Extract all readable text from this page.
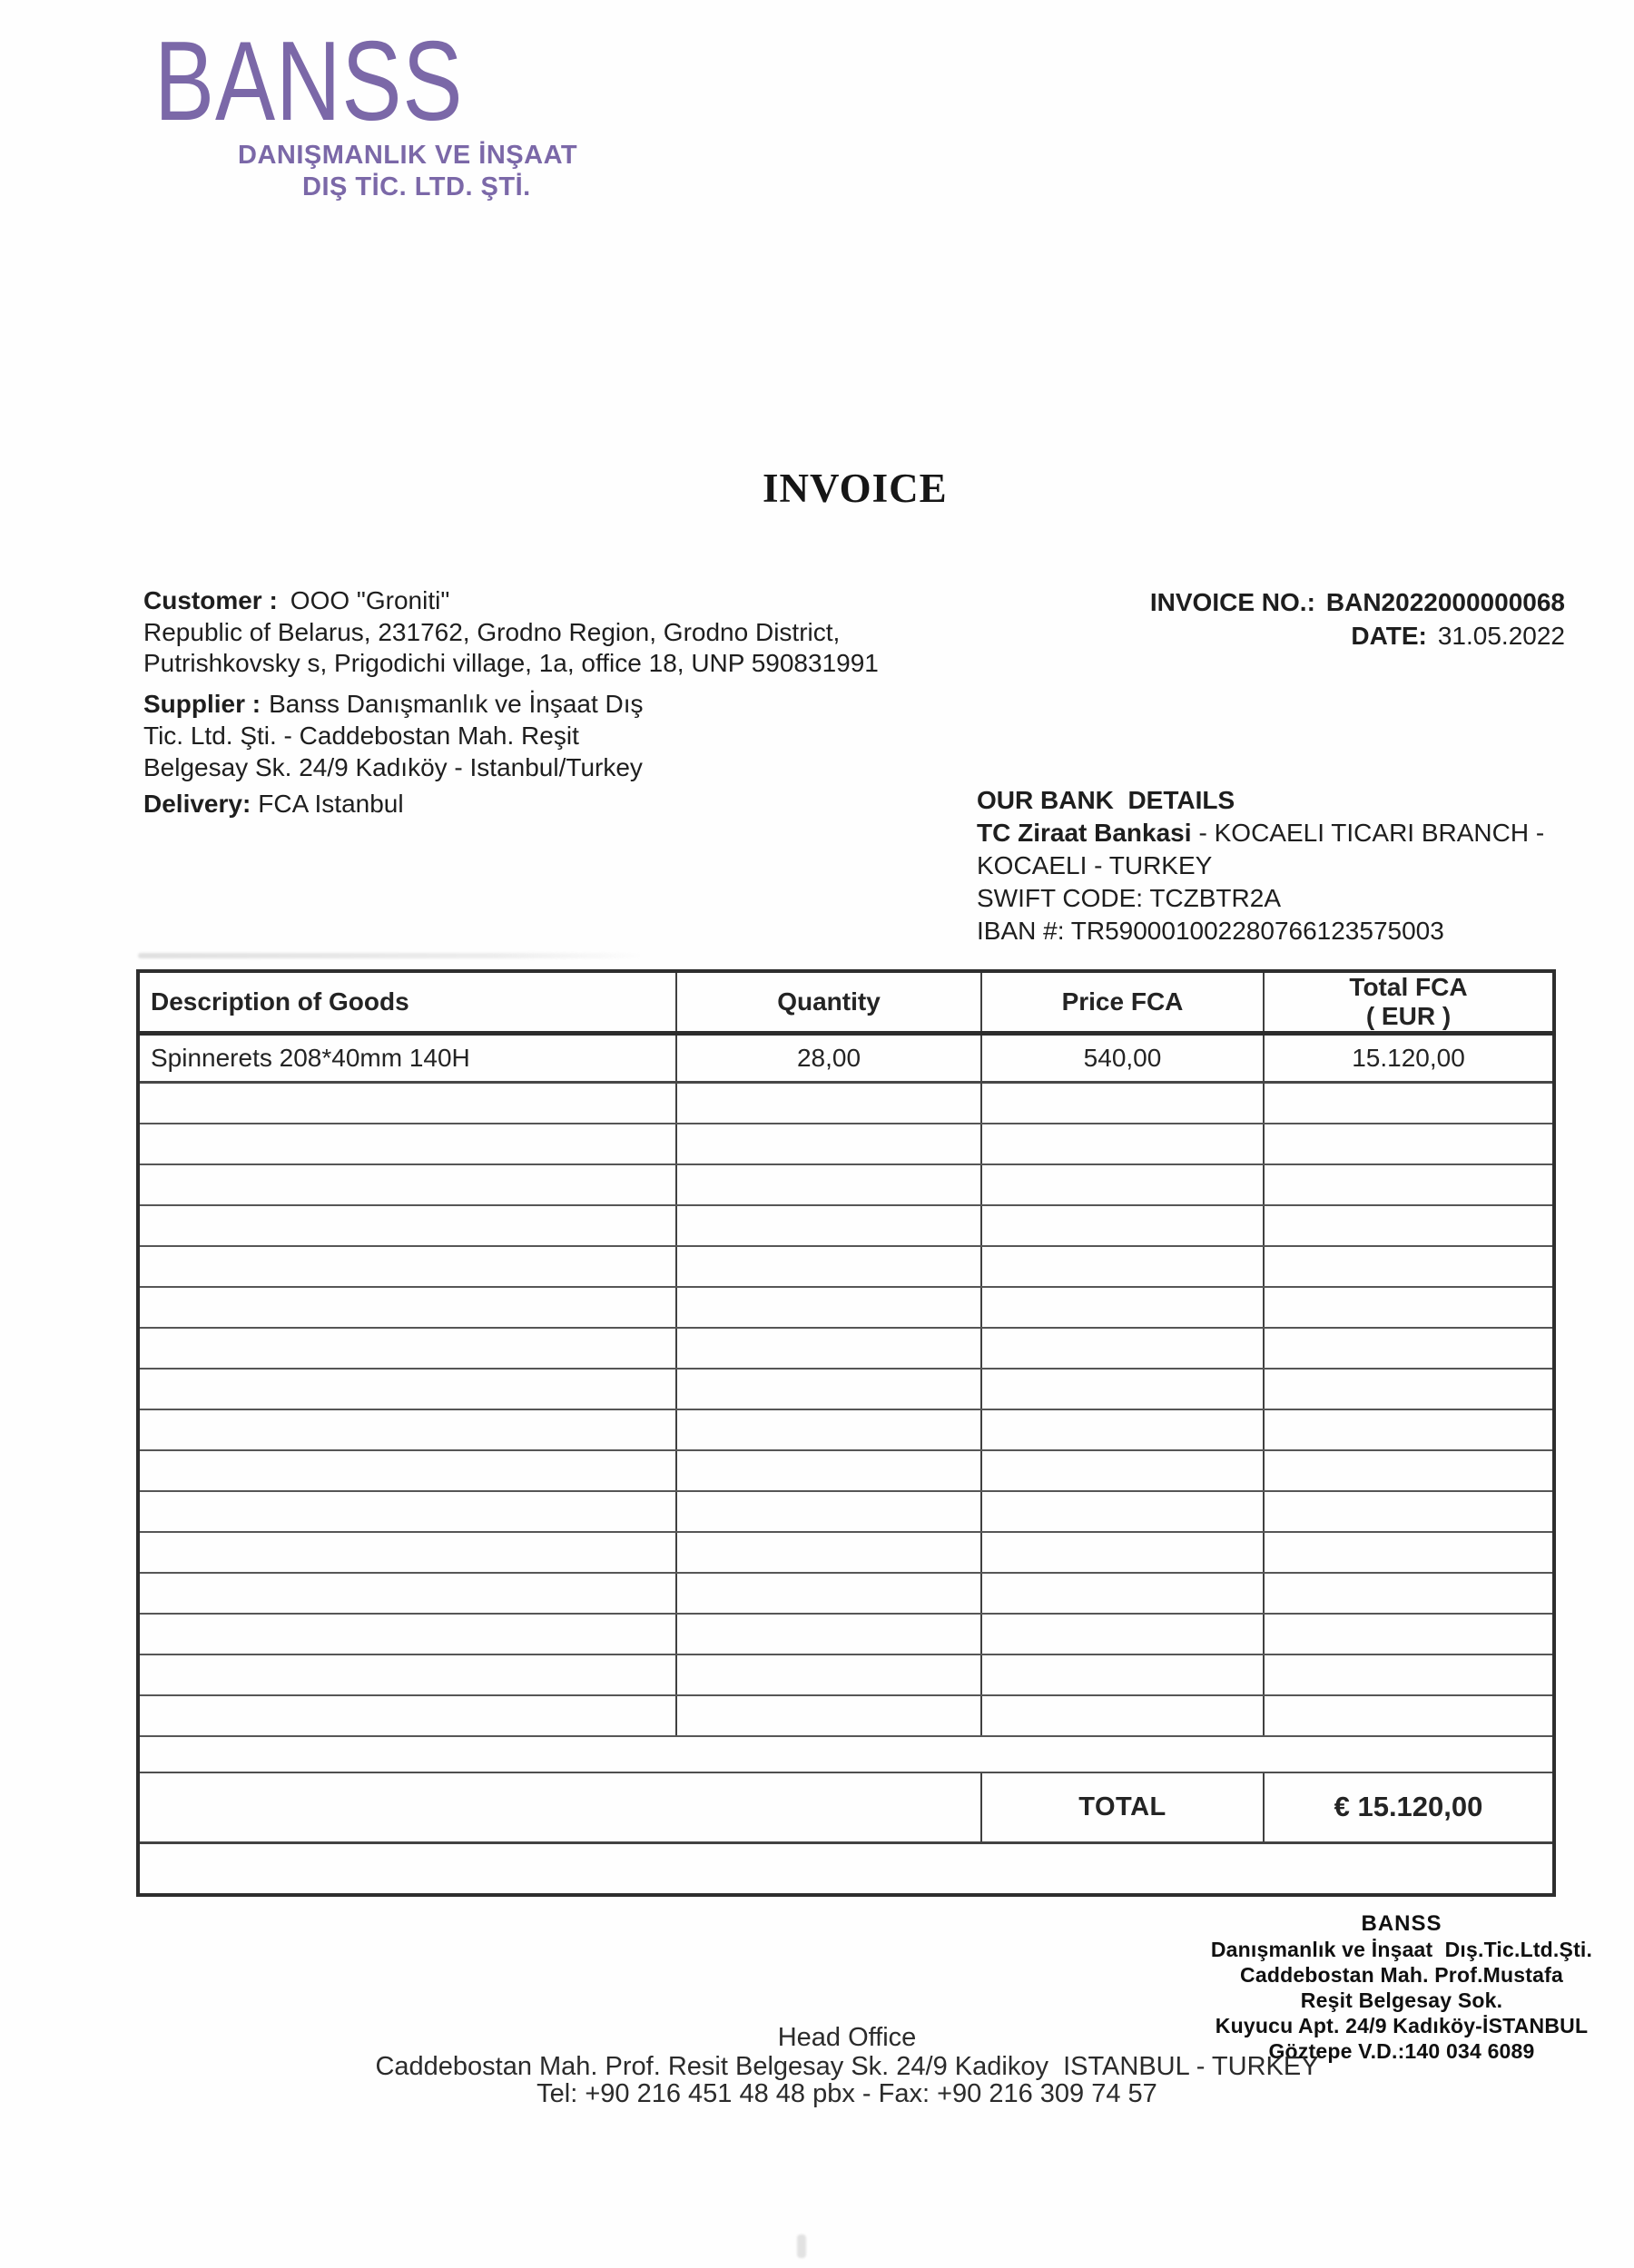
BANSS
DANIŞMANLIK VE İNŞAAT
DIŞ TİC. LTD. ŞTİ.
INVOICE
Customer : OOO "Groniti"
Republic of Belarus, 231762, Grodno Region, Grodno District,
Putrishkovsky s, Prigodichi village, 1a, office 18, UNP 590831991
INVOICE NO.: BAN2022000000068
DATE: 31.05.2022
Supplier : Banss Danışmanlık ve İnşaat Dış
Tic. Ltd. Şti. - Caddebostan Mah. Reşit
Belgesay Sk. 24/9 Kadıköy - Istanbul/Turkey
Delivery: FCA Istanbul	OUR BANK  DETAILS
TC Ziraat Bankasi - KOCAELI TICARI BRANCH -
KOCAELI - TURKEY
SWIFT CODE: TCZBTR2A
IBAN #: TR590001002280766123575003
Description of Goods	Quantity	Price FCA	Total FCA
( EUR )

Spinnerets 208*40mm 140H	28,00	540,00	15.120,00

		TOTAL	€ 15.120,00

BANSS
Danışmanlık ve İnşaat  Dış.Tic.Ltd.Şti.
Caddebostan Mah. Prof.Mustafa
Reşit Belgesay Sok.
Kuyucu Apt. 24/9 Kadıköy-İSTANBUL
Göztepe V.D.:140 034 6089
Head Office
Caddebostan Mah. Prof. Resit Belgesay Sk. 24/9 Kadikoy  ISTANBUL - TURKEY
Tel: +90 216 451 48 48 pbx - Fax: +90 216 309 74 57
